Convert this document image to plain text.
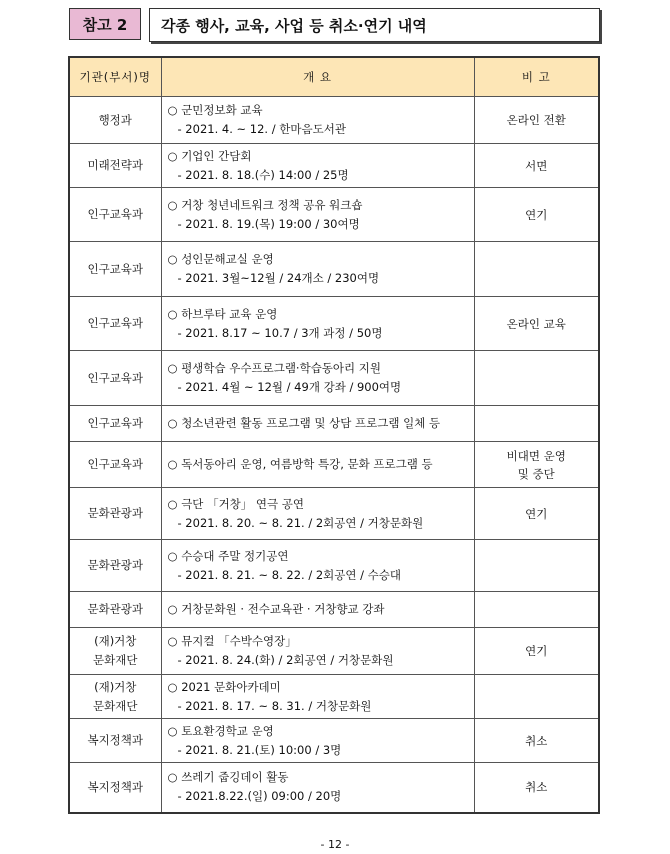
참고 2	각종 행사, 교육, 사업 등 취소·연기 내역
기관(부서)명	개 요	비 고
행정과	○ 군민정보화 교육
- 2021. 4. ~ 12. / 한마음도서관	온라인 전환
미래전략과	○ 기업인 간담회
- 2021. 8. 18.(수) 14:00 / 25명	서면
인구교육과	○ 거창 청년네트워크 정책 공유 워크숍
- 2021. 8. 19.(목) 19:00 / 30여명	연기
인구교육과	○ 성인문해교실 운영
- 2021. 3월~12월 / 24개소 / 230여명	

인구교육과	○ 하브루타 교육 운영
- 2021. 8.17 ~ 10.7 / 3개 과정 / 50명	온라인 교육
인구교육과	○ 평생학습 우수프로그램·학습동아리 지원
- 2021. 4월 ~ 12월 / 49개 강좌 / 900여명	

인구교육과	○ 청소년관련 활동 프로그램 및 상담 프로그램 일체 등	

인구교육과	○ 독서동아리 운영, 여름방학 특강, 문화 프로그램 등	비대면 운영
및 중단
문화관광과	○ 극단 「거창」 연극 공연
- 2021. 8. 20. ~ 8. 21. / 2회공연 / 거창문화원	연기
문화관광과	○ 수승대 주말 정기공연
- 2021. 8. 21. ~ 8. 22. / 2회공연 / 수승대	

문화관광과	○ 거창문화원 · 전수교육관 · 거창향교 강좌	

(재)거창
문화재단	○ 뮤지컬 「수박수영장」
- 2021. 8. 24.(화) / 2회공연 / 거창문화원	연기
(재)거창
문화재단	○ 2021 문화아카데미
- 2021. 8. 17. ~ 8. 31. / 거창문화원	

복지정책과	○ 토요환경학교 운영
- 2021. 8. 21.(토) 10:00 / 3명	취소
복지정책과	○ 쓰레기 줍깅데이 활동
- 2021.8.22.(일) 09:00 / 20명	취소
- 12 -
